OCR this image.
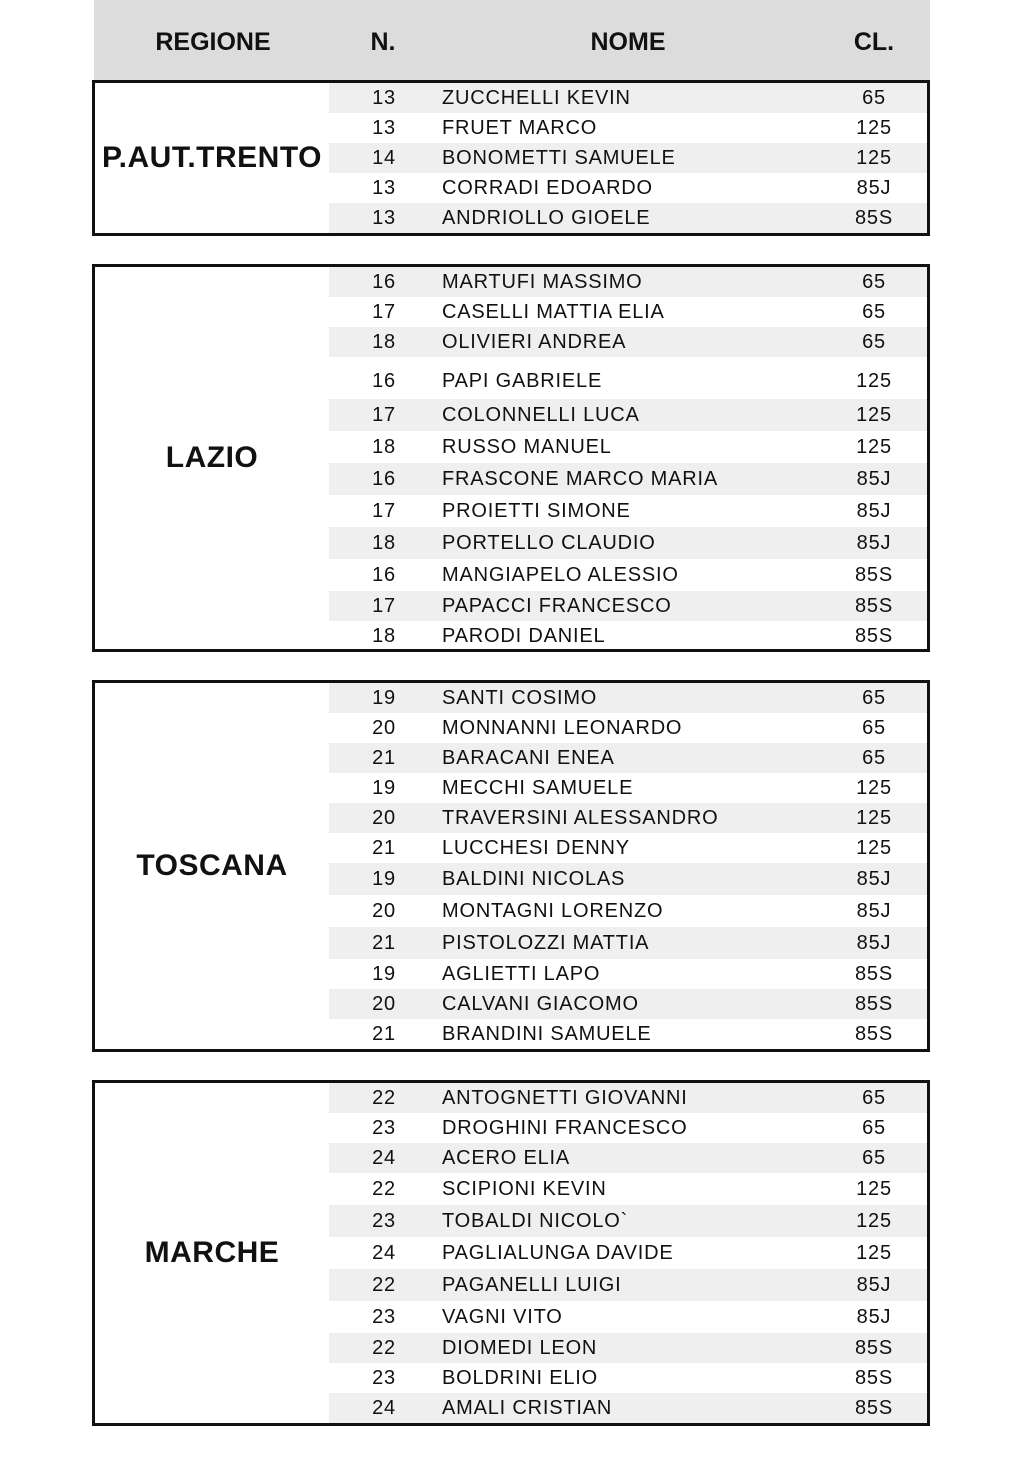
REGIONE	N.	NOME	CL.
P.AUT.TRENTO
13	ZUCCHELLI KEVIN	65
13	FRUET MARCO	125
14	BONOMETTI SAMUELE	125
13	CORRADI EDOARDO	85J
13	ANDRIOLLO GIOELE	85S
LAZIO
16	MARTUFI MASSIMO	65
17	CASELLI MATTIA ELIA	65
18	OLIVIERI ANDREA	65
16	PAPI GABRIELE	125
17	COLONNELLI LUCA	125
18	RUSSO MANUEL	125
16	FRASCONE MARCO MARIA	85J
17	PROIETTI SIMONE	85J
18	PORTELLO CLAUDIO	85J
16	MANGIAPELO ALESSIO	85S
17	PAPACCI FRANCESCO	85S
18	PARODI DANIEL	85S
TOSCANA
19	SANTI COSIMO	65
20	MONNANNI LEONARDO	65
21	BARACANI ENEA	65
19	MECCHI SAMUELE	125
20	TRAVERSINI ALESSANDRO	125
21	LUCCHESI DENNY	125
19	BALDINI NICOLAS	85J
20	MONTAGNI LORENZO	85J
21	PISTOLOZZI MATTIA	85J
19	AGLIETTI LAPO	85S
20	CALVANI GIACOMO	85S
21	BRANDINI SAMUELE	85S
MARCHE
22	ANTOGNETTI GIOVANNI	65
23	DROGHINI FRANCESCO	65
24	ACERO ELIA	65
22	SCIPIONI KEVIN	125
23	TOBALDI NICOLO`	125
24	PAGLIALUNGA DAVIDE	125
22	PAGANELLI LUIGI	85J
23	VAGNI VITO	85J
22	DIOMEDI LEON	85S
23	BOLDRINI ELIO	85S
24	AMALI CRISTIAN	85S
